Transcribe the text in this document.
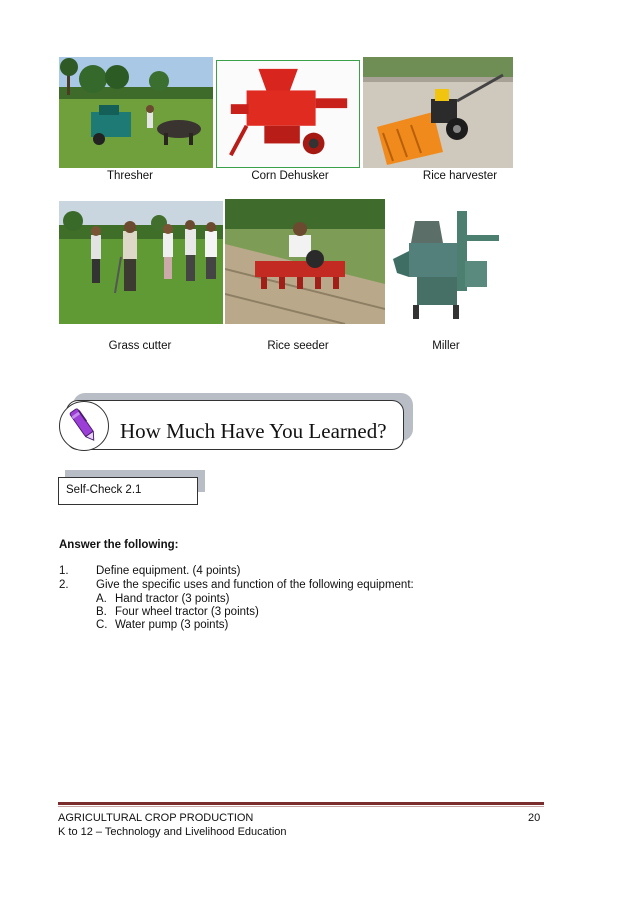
Thresher	Corn Dehusker	Rice harvester
Grass cutter	Rice seeder	Miller
How Much Have You Learned?
Self-Check 2.1
Answer the following:
1. Define equipment. (4 points)
2. Give the specific uses and function of the following equipment:
A. Hand tractor (3 points)
B. Four wheel tractor (3 points)
C. Water pump (3 points)
AGRICULTURAL CROP PRODUCTION	20
K to 12 – Technology and Livelihood Education
